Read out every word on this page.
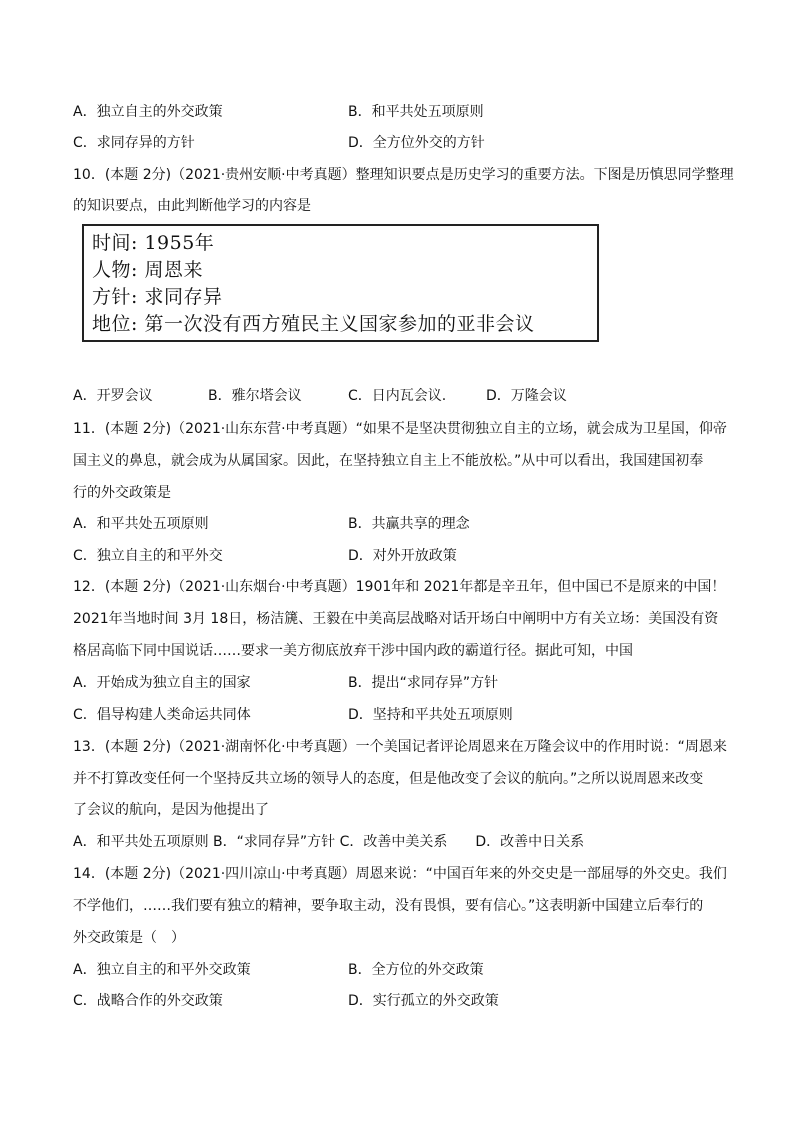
A．独立自主的外交政策	B．和平共处五项原则
C．求同存异的方针	D．全方位外交的方针
10．(本题 2分)（2021·贵州安顺·中考真题）整理知识要点是历史学习的重要方法。下图是历慎思同学整理
的知识要点，由此判断他学习的内容是
时间: 1955年
人物: 周恩来
方针: 求同存异
地位: 第一次没有西方殖民主义国家参加的亚非会议
A．开罗会议	B．雅尔塔会议	C．日内瓦会议.	D．万隆会议
11．(本题 2分)（2021·山东东营·中考真题）“如果不是坚决贯彻独立自主的立场，就会成为卫星国，仰帝
国主义的鼻息，就会成为从属国家。因此，在坚持独立自主上不能放松。”从中可以看出，我国建国初奉
行的外交政策是
A．和平共处五项原则	B．共赢共享的理念
C．独立自主的和平外交	D．对外开放政策
12．(本题 2分)（2021·山东烟台·中考真题）1901年和 2021年都是辛丑年，但中国已不是原来的中国！
2021年当地时间 3月 18日，杨洁篪、王毅在中美高层战略对话开场白中阐明中方有关立场：美国没有资
格居高临下同中国说话……要求一美方彻底放弃干涉中国内政的霸道行径。据此可知，中国
A．开始成为独立自主的国家	B．提出“求同存异”方针
C．倡导构建人类命运共同体	D．坚持和平共处五项原则
13．(本题 2分)（2021·湖南怀化·中考真题）一个美国记者评论周恩来在万隆会议中的作用时说：“周恩来
并不打算改变任何一个坚持反共立场的领导人的态度，但是他改变了会议的航向。”之所以说周恩来改变
了会议的航向，是因为他提出了
A．和平共处五项原则 B．“求同存异”方针 C．改善中美关系　　D．改善中日关系
14．(本题 2分)（2021·四川凉山·中考真题）周恩来说：“中国百年来的外交史是一部屈辱的外交史。我们
不学他们，……我们要有独立的精神，要争取主动，没有畏惧，要有信心。”这表明新中国建立后奉行的
外交政策是（　）
A．独立自主的和平外交政策	B．全方位的外交政策
C．战略合作的外交政策	D．实行孤立的外交政策
